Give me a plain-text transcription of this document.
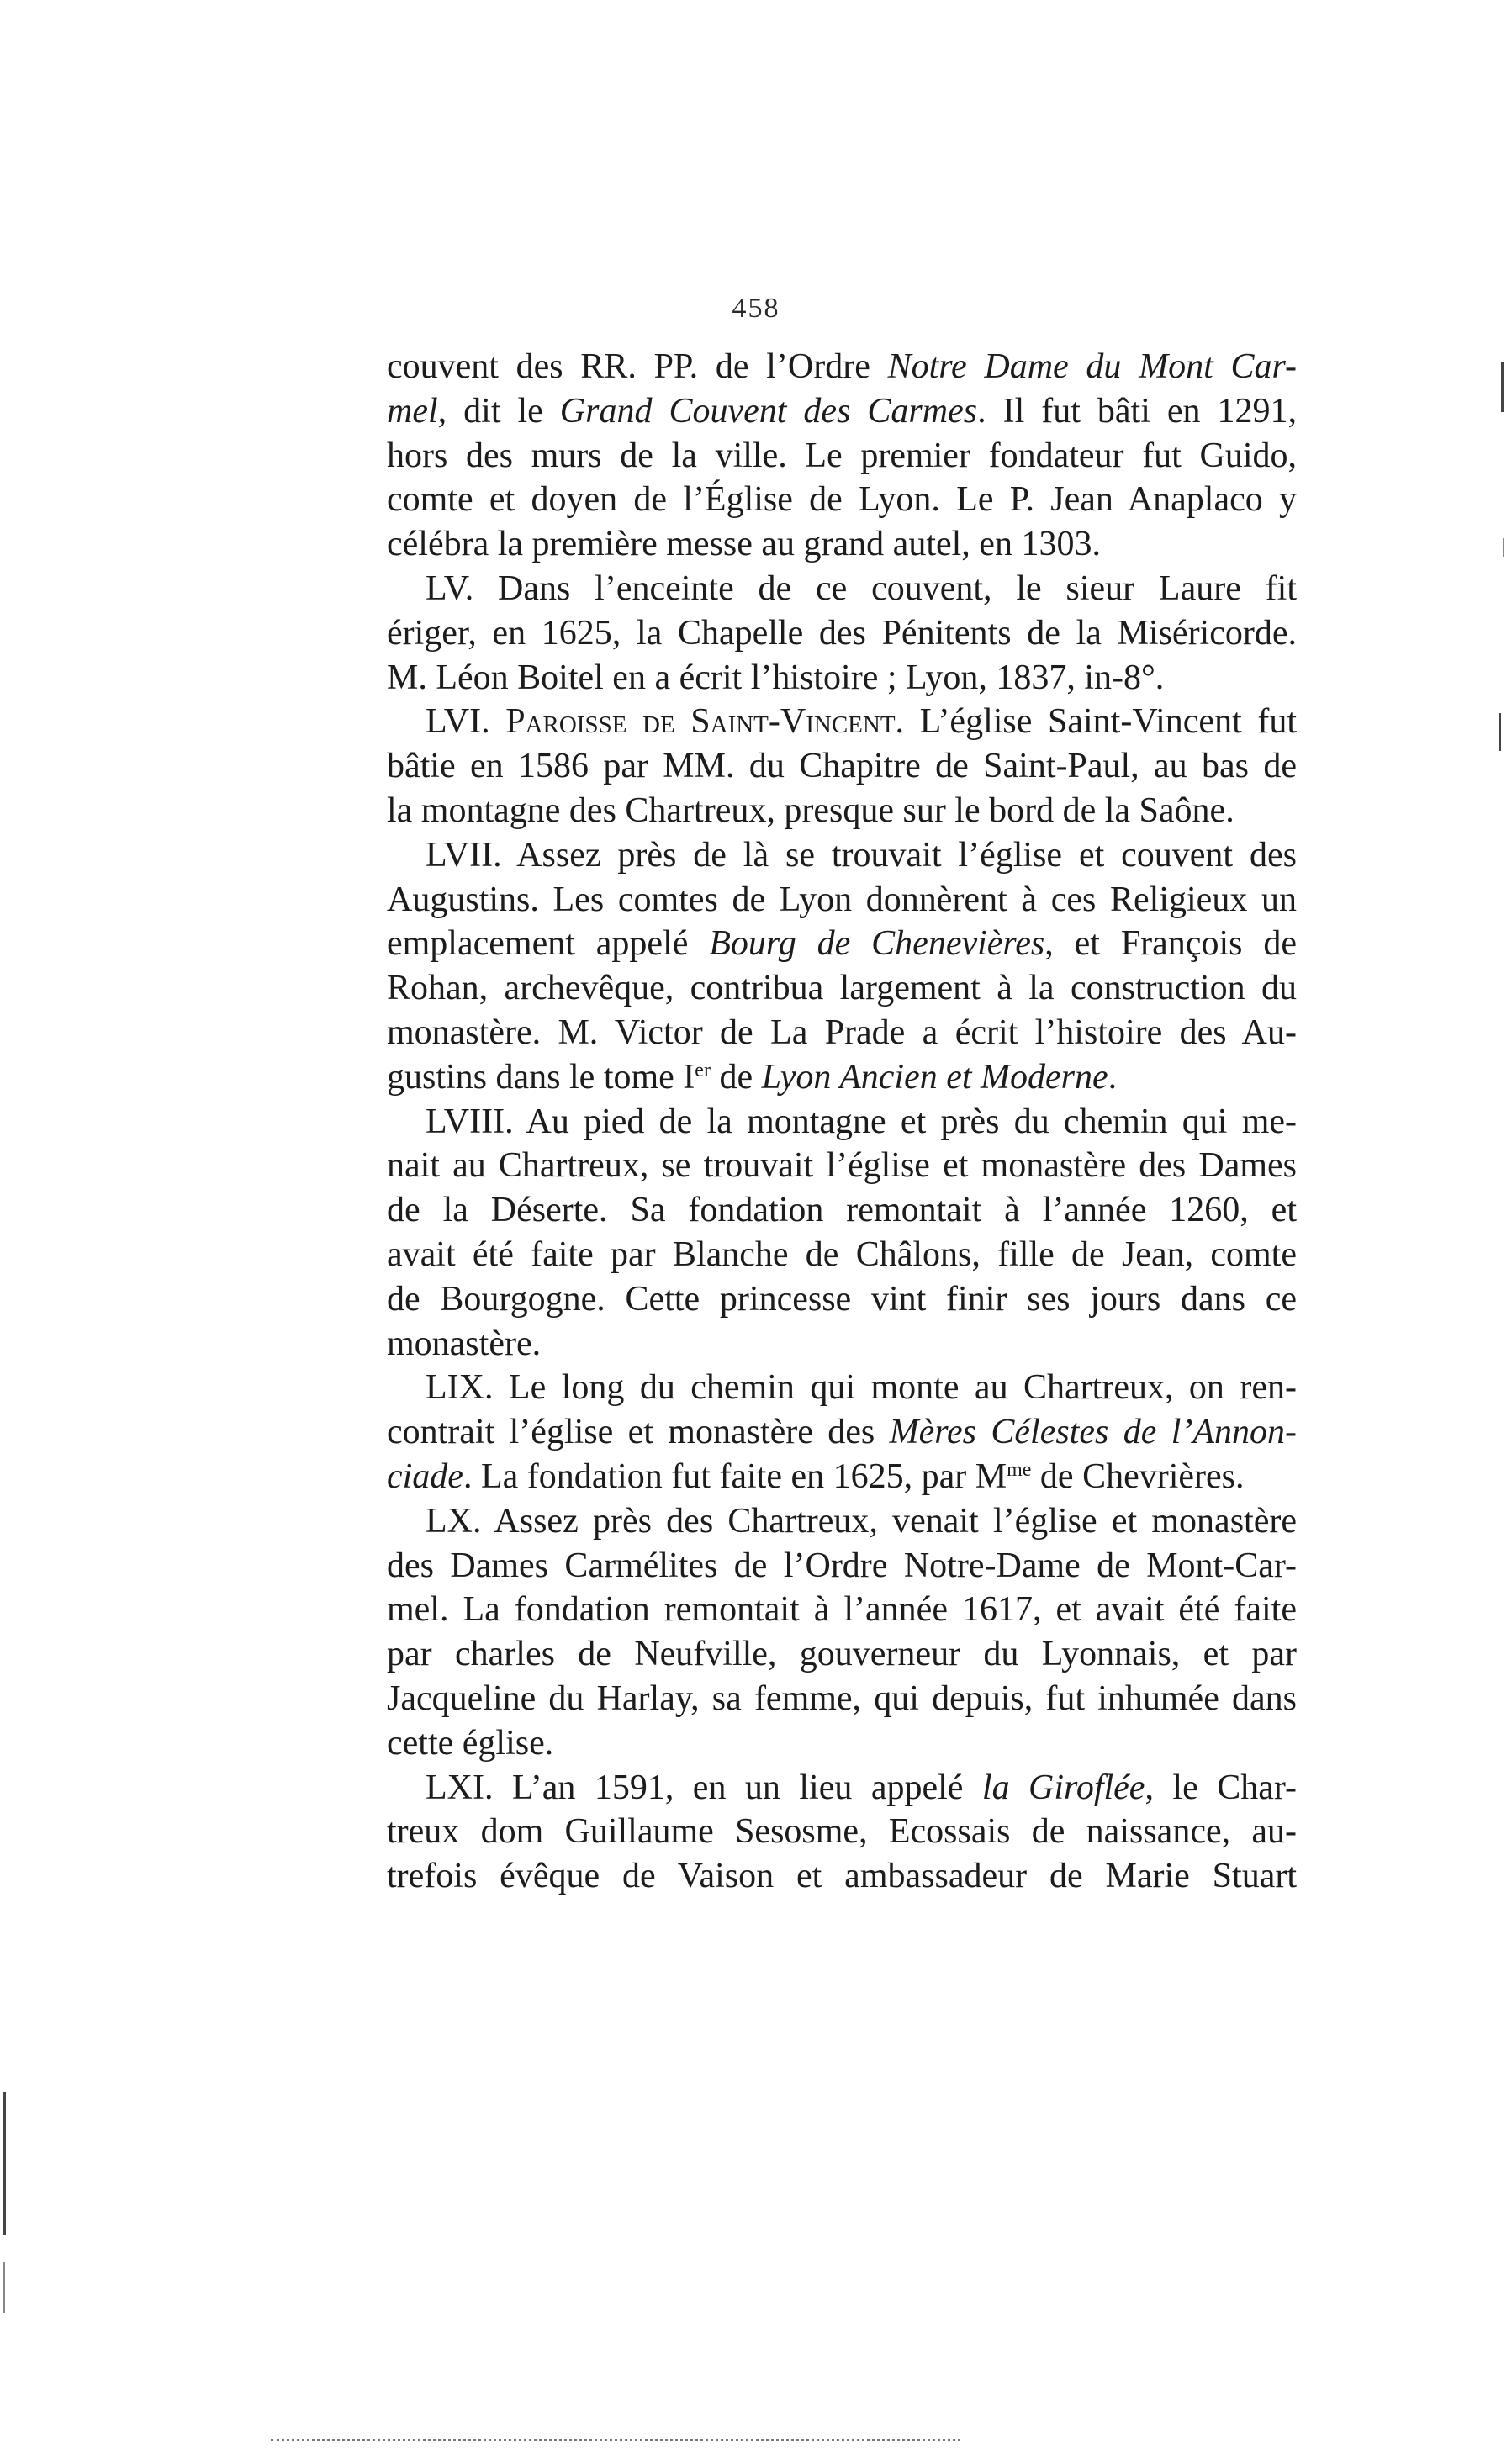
458
couvent des RR. PP. de l’Ordre Notre Dame du Mont Car-
mel, dit le Grand Couvent des Carmes. Il fut bâti en 1291,
hors des murs de la ville. Le premier fondateur fut Guido,
comte et doyen de l’Église de Lyon. Le P. Jean Anaplaco y
célébra la première messe au grand autel, en 1303.
LV. Dans l’enceinte de ce couvent, le sieur Laure fit
ériger, en 1625, la Chapelle des Pénitents de la Miséricorde.
M. Léon Boitel en a écrit l’histoire ; Lyon, 1837, in-8°.
LVI. Paroisse de Saint-Vincent. L’église Saint-Vincent fut
bâtie en 1586 par MM. du Chapitre de Saint-Paul, au bas de
la montagne des Chartreux, presque sur le bord de la Saône.
LVII. Assez près de là se trouvait l’église et couvent des
Augustins. Les comtes de Lyon donnèrent à ces Religieux un
emplacement appelé Bourg de Chenevières, et François de
Rohan, archevêque, contribua largement à la construction du
monastère. M. Victor de La Prade a écrit l’histoire des Au-
gustins dans le tome Ier de Lyon Ancien et Moderne.
LVIII. Au pied de la montagne et près du chemin qui me-
nait au Chartreux, se trouvait l’église et monastère des Dames
de la Déserte. Sa fondation remontait à l’année 1260, et
avait été faite par Blanche de Châlons, fille de Jean, comte
de Bourgogne. Cette princesse vint finir ses jours dans ce
monastère.
LIX. Le long du chemin qui monte au Chartreux, on ren-
contrait l’église et monastère des Mères Célestes de l’Annon-
ciade. La fondation fut faite en 1625, par $M^{me}$ de Chevrières.
LX. Assez près des Chartreux, venait l’église et monastère
des Dames Carmélites de l’Ordre Notre-Dame de Mont-Car-
mel. La fondation remontait à l’année 1617, et avait été faite
par charles de Neufville, gouverneur du Lyonnais, et par
Jacqueline du Harlay, sa femme, qui depuis, fut inhumée dans
cette église.
LXI. L’an 1591, en un lieu appelé la Giroflée, le Char-
treux dom Guillaume Sesosme, Ecossais de naissance, au-
trefois évêque de Vaison et ambassadeur de Marie Stuart
